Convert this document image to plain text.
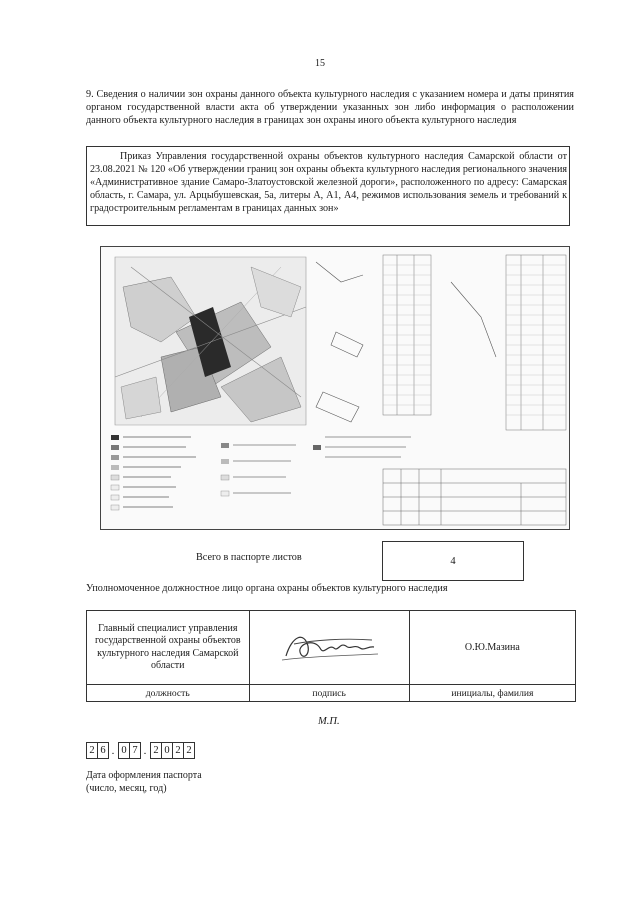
15
9. Сведения о наличии зон охраны данного объекта культурного наследия с указанием номера и даты принятия органом государственной власти акта об утверждении указанных зон либо информация о расположении данного объекта культурного наследия в границах зон охраны иного объекта культурного наследия
Приказ Управления государственной охраны объектов культурного наследия Самарской области от 23.08.2021 № 120 «Об утверждении границ зон охраны объекта культурного наследия регионального значения «Административное здание Самаро-Златоустовской железной дороги», расположенного по адресу: Самарская область, г. Самара, ул. Арцыбушевская, 5а, литеры А, А1, А4, режимов использования земель и требований к градостроительным регламентам в границах данных зон»
Всего в паспорте листов	4
Уполномоченное должностное лицо органа охраны объектов культурного наследия
Главный специалист управления государственной охраны объектов культурного наследия Самарской области		О.Ю.Мазина
должность	подпись	инициалы, фамилия
М.П.
2 6 . 0 7 . 2 0 2 2
Дата оформления паспорта
(число, месяц, год)
